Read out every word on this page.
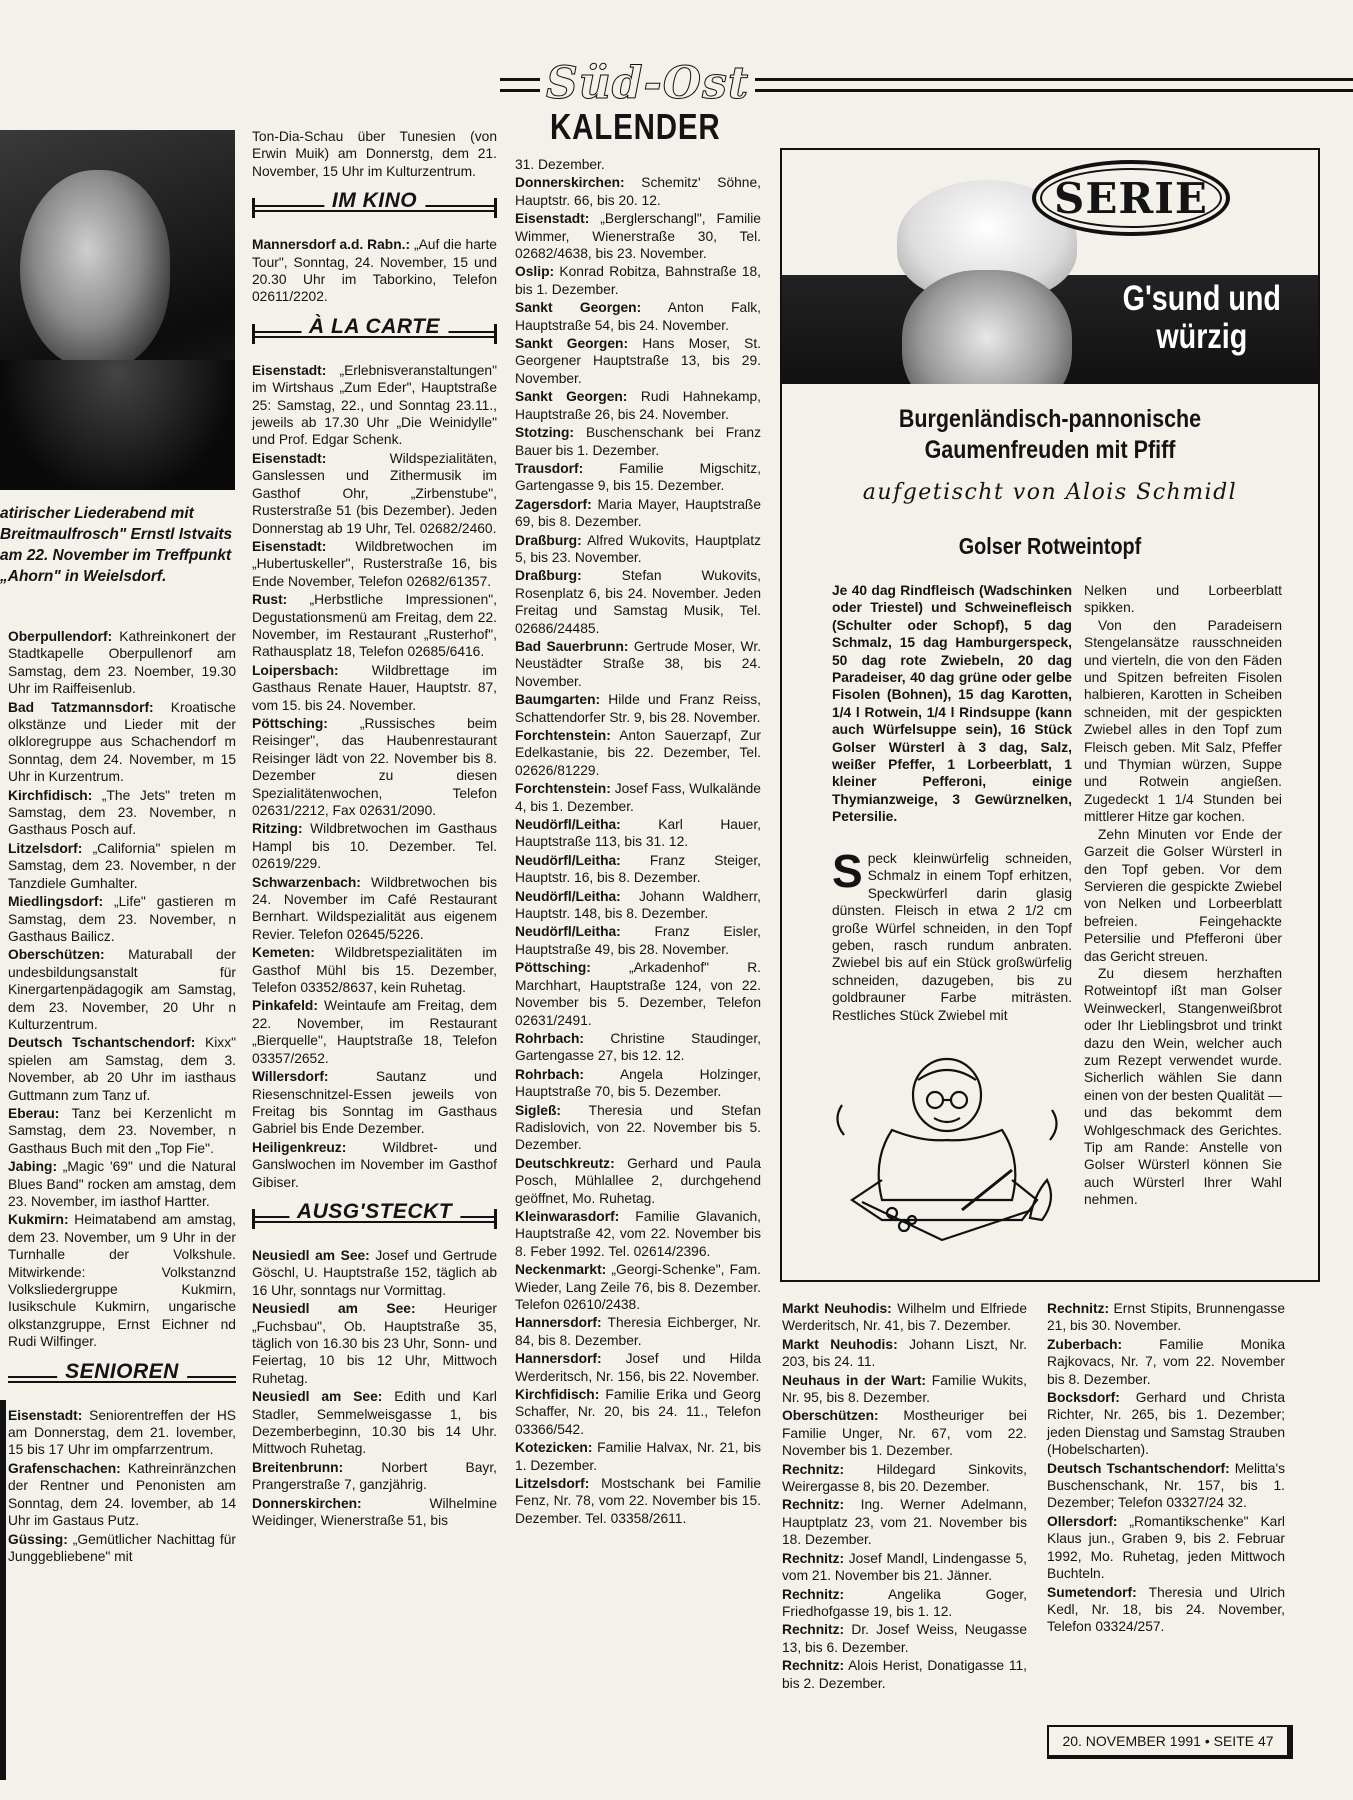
Süd-Ost
KALENDER
atirischer Liederabend mit Breitmaulfrosch" Ernstl Istvaits am 22. November im Treffpunkt „Ahorn" in Weielsdorf.

Oberpullendorf: Kathreinkonert der Stadtkapelle Oberpullenorf am Samstag, dem 23. Noember, 19.30 Uhr im Raiffeisenlub.

Bad Tatzmannsdorf: Kroatische olkstänze und Lieder mit der olkloregruppe aus Schachendorf m Sonntag, dem 24. November, m 15 Uhr in Kurzentrum.

Kirchfidisch: „The Jets" treten m Samstag, dem 23. November, n Gasthaus Posch auf.

Litzelsdorf: „California" spielen m Samstag, dem 23. November, n der Tanzdiele Gumhalter.

Miedlingsdorf: „Life" gastieren m Samstag, dem 23. November, n Gasthaus Bailicz.

Oberschützen: Maturaball der undesbildungsanstalt für Kinergartenpädagogik am Samstag, dem 23. November, 20 Uhr n Kulturzentrum.

Deutsch Tschantschendorf: Kixx" spielen am Samstag, dem 3. November, ab 20 Uhr im iasthaus Guttmann zum Tanz uf.

Eberau: Tanz bei Kerzenlicht m Samstag, dem 23. November, n Gasthaus Buch mit den „Top Fie".

Jabing: „Magic '69" und die Natural Blues Band" rocken am amstag, dem 23. November, im iasthof Hartter.

Kukmirn: Heimatabend am amstag, dem 23. November, um 9 Uhr in der Turnhalle der Volkshule. Mitwirkende: Volkstanznd Volksliedergruppe Kukmirn, Iusikschule Kukmirn, ungarische olkstanzgruppe, Ernst Eichner nd Rudi Wilfinger.

SENIOREN

Eisenstadt: Seniorentreffen der HS am Donnerstag, dem 21. lovember, 15 bis 17 Uhr im ompfarrzentrum.

Grafenschachen: Kathreinränzchen der Rentner und Penonisten am Sonntag, dem 24. lovember, ab 14 Uhr im Gastaus Putz.

Güssing: „Gemütlicher Nachittag für Junggebliebene" mit

Ton-Dia-Schau über Tunesien (von Erwin Muik) am Donnerstg, dem 21. November, 15 Uhr im Kulturzentrum.

IM KINO

Mannersdorf a.d. Rabn.: „Auf die harte Tour", Sonntag, 24. November, 15 und 20.30 Uhr im Taborkino, Telefon 02611/2202.

À LA CARTE

Eisenstadt: „Erlebnisveranstaltungen" im Wirtshaus „Zum Eder", Hauptstraße 25: Samstag, 22., und Sonntag 23.11., jeweils ab 17.30 Uhr „Die Weinidylle" und Prof. Edgar Schenk.

Eisenstadt: Wildspezialitäten, Ganslessen und Zithermusik im Gasthof Ohr, „Zirbenstube", Rusterstraße 51 (bis Dezember). Jeden Donnerstag ab 19 Uhr, Tel. 02682/2460.

Eisenstadt: Wildbretwochen im „Hubertuskeller", Rusterstraße 16, bis Ende November, Telefon 02682/61357.

Rust: „Herbstliche Impressionen", Degustationsmenü am Freitag, dem 22. November, im Restaurant „Rusterhof", Rathausplatz 18, Telefon 02685/6416.

Loipersbach: Wildbrettage im Gasthaus Renate Hauer, Hauptstr. 87, vom 15. bis 24. November.

Pöttsching: „Russisches beim Reisinger", das Haubenrestaurant Reisinger lädt von 22. November bis 8. Dezember zu diesen Spezialitätenwochen, Telefon 02631/2212, Fax 02631/2090.

Ritzing: Wildbretwochen im Gasthaus Hampl bis 10. Dezember. Tel. 02619/229.

Schwarzenbach: Wildbretwochen bis 24. November im Café Restaurant Bernhart. Wildspezialität aus eigenem Revier. Telefon 02645/5226.

Kemeten: Wildbretspezialitäten im Gasthof Mühl bis 15. Dezember, Telefon 03352/8637, kein Ruhetag.

Pinkafeld: Weintaufe am Freitag, dem 22. November, im Restaurant „Bierquelle", Hauptstraße 18, Telefon 03357/2652.

Willersdorf: Sautanz und Riesenschnitzel-Essen jeweils von Freitag bis Sonntag im Gasthaus Gabriel bis Ende Dezember.

Heiligenkreuz: Wildbret- und Ganslwochen im November im Gasthof Gibiser.

AUSG'STECKT

Neusiedl am See: Josef und Gertrude Göschl, U. Hauptstraße 152, täglich ab 16 Uhr, sonntags nur Vormittag.

Neusiedl am See: Heuriger „Fuchsbau", Ob. Hauptstraße 35, täglich von 16.30 bis 23 Uhr, Sonn- und Feiertag, 10 bis 12 Uhr, Mittwoch Ruhetag.

Neusiedl am See: Edith und Karl Stadler, Semmelweisgasse 1, bis Dezemberbeginn, 10.30 bis 14 Uhr. Mittwoch Ruhetag.

Breitenbrunn: Norbert Bayr, Prangerstraße 7, ganzjährig.

Donnerskirchen: Wilhelmine Weidinger, Wienerstraße 51, bis

31. Dezember.

Donnerskirchen: Schemitz' Söhne, Hauptstr. 66, bis 20. 12.

Eisenstadt: „Berglerschangl", Familie Wimmer, Wienerstraße 30, Tel. 02682/4638, bis 23. November.

Oslip: Konrad Robitza, Bahnstraße 18, bis 1. Dezember.

Sankt Georgen: Anton Falk, Hauptstraße 54, bis 24. November.

Sankt Georgen: Hans Moser, St. Georgener Hauptstraße 13, bis 29. November.

Sankt Georgen: Rudi Hahnekamp, Hauptstraße 26, bis 24. November.

Stotzing: Buschenschank bei Franz Bauer bis 1. Dezember.

Trausdorf: Familie Migschitz, Gartengasse 9, bis 15. Dezember.

Zagersdorf: Maria Mayer, Hauptstraße 69, bis 8. Dezember.

Draßburg: Alfred Wukovits, Hauptplatz 5, bis 23. November.

Draßburg: Stefan Wukovits, Rosenplatz 6, bis 24. November. Jeden Freitag und Samstag Musik, Tel. 02686/24485.

Bad Sauerbrunn: Gertrude Moser, Wr. Neustädter Straße 38, bis 24. November.

Baumgarten: Hilde und Franz Reiss, Schattendorfer Str. 9, bis 28. November.

Forchtenstein: Anton Sauerzapf, Zur Edelkastanie, bis 22. Dezember, Tel. 02626/81229.

Forchtenstein: Josef Fass, Wulkalände 4, bis 1. Dezember.

Neudörfl/Leitha: Karl Hauer, Hauptstraße 113, bis 31. 12.

Neudörfl/Leitha: Franz Steiger, Hauptstr. 16, bis 8. Dezember.

Neudörfl/Leitha: Johann Waldherr, Hauptstr. 148, bis 8. Dezember.

Neudörfl/Leitha: Franz Eisler, Hauptstraße 49, bis 28. November.

Pöttsching: „Arkadenhof" R. Marchhart, Hauptstraße 124, von 22. November bis 5. Dezember, Telefon 02631/2491.

Rohrbach: Christine Staudinger, Gartengasse 27, bis 12. 12.

Rohrbach: Angela Holzinger, Hauptstraße 70, bis 5. Dezember.

Sigleß: Theresia und Stefan Radislovich, von 22. November bis 5. Dezember.

Deutschkreutz: Gerhard und Paula Posch, Mühlallee 2, durchgehend geöffnet, Mo. Ruhetag.

Kleinwarasdorf: Familie Glavanich, Hauptstraße 42, vom 22. November bis 8. Feber 1992. Tel. 02614/2396.

Neckenmarkt: „Georgi-Schenke", Fam. Wieder, Lang Zeile 76, bis 8. Dezember. Telefon 02610/2438.

Hannersdorf: Theresia Eichberger, Nr. 84, bis 8. Dezember.

Hannersdorf: Josef und Hilda Werderitsch, Nr. 156, bis 22. November.

Kirchfidisch: Familie Erika und Georg Schaffer, Nr. 20, bis 24. 11., Telefon 03366/542.

Kotezicken: Familie Halvax, Nr. 21, bis 1. Dezember.

Litzelsdorf: Mostschank bei Familie Fenz, Nr. 78, vom 22. November bis 15. Dezember. Tel. 03358/2611.

SERIE
G'sund und würzig
Burgenländisch-pannonische Gaumenfreuden mit Pfiff
aufgetischt von Alois Schmidl
Golser Rotweintopf
Je 40 dag Rindfleisch (Wadschinken oder Triestel) und Schweinefleisch (Schulter oder Schopf), 5 dag Schmalz, 15 dag Hamburgerspeck, 50 dag rote Zwiebeln, 20 dag Paradeiser, 40 dag grüne oder gelbe Fisolen (Bohnen), 15 dag Karotten, 1/4 l Rotwein, 1/4 l Rindsuppe (kann auch Würfelsuppe sein), 16 Stück Golser Würsterl à 3 dag, Salz, weißer Pfeffer, 1 Lorbeerblatt, 1 kleiner Pefferoni, einige Thymianzweige, 3 Gewürznelken, Petersilie.
Speck kleinwürfelig schneiden, Schmalz in einem Topf erhitzen, Speckwürferl darin glasig dünsten. Fleisch in etwa 2 1/2 cm große Würfel schneiden, in den Topf geben, rasch rundum anbraten. Zwiebel bis auf ein Stück großwürfelig schneiden, dazugeben, bis zu goldbrauner Farbe miträsten. Restliches Stück Zwiebel mit

Nelken und Lorbeerblatt spikken.

Von den Paradeisern Stengelansätze rausschneiden und vierteln, die von den Fäden und Spitzen befreiten Fisolen halbieren, Karotten in Scheiben schneiden, mit der gespickten Zwiebel alles in den Topf zum Fleisch geben. Mit Salz, Pfeffer und Thymian würzen, Suppe und Rotwein angießen. Zugedeckt 1 1/4 Stunden bei mittlerer Hitze gar kochen.

Zehn Minuten vor Ende der Garzeit die Golser Würsterl in den Topf geben. Vor dem Servieren die gespickte Zwiebel von Nelken und Lorbeerblatt befreien. Feingehackte Petersilie und Pfefferoni über das Gericht streuen.

Zu diesem herzhaften Rotweintopf ißt man Golser Weinweckerl, Stangenweißbrot oder Ihr Lieblingsbrot und trinkt dazu den Wein, welcher auch zum Rezept verwendet wurde. Sicherlich wählen Sie dann einen von der besten Qualität — und das bekommt dem Wohlgeschmack des Gerichtes. Tip am Rande: Anstelle von Golser Würsterl können Sie auch Würsterl Ihrer Wahl nehmen.

Markt Neuhodis: Wilhelm und Elfriede Werderitsch, Nr. 41, bis 7. Dezember.

Markt Neuhodis: Johann Liszt, Nr. 203, bis 24. 11.

Neuhaus in der Wart: Familie Wukits, Nr. 95, bis 8. Dezember.

Oberschützen: Mostheuriger bei Familie Unger, Nr. 67, vom 22. November bis 1. Dezember.

Rechnitz: Hildegard Sinkovits, Weirergasse 8, bis 20. Dezember.

Rechnitz: Ing. Werner Adelmann, Hauptplatz 23, vom 21. November bis 18. Dezember.

Rechnitz: Josef Mandl, Lindengasse 5, vom 21. November bis 21. Jänner.

Rechnitz: Angelika Goger, Friedhofgasse 19, bis 1. 12.

Rechnitz: Dr. Josef Weiss, Neugasse 13, bis 6. Dezember.

Rechnitz: Alois Herist, Donatigasse 11, bis 2. Dezember.

Rechnitz: Ernst Stipits, Brunnengasse 21, bis 30. November.

Zuberbach: Familie Monika Rajkovacs, Nr. 7, vom 22. November bis 8. Dezember.

Bocksdorf: Gerhard und Christa Richter, Nr. 265, bis 1. Dezember; jeden Dienstag und Samstag Strauben (Hobelscharten).

Deutsch Tschantschendorf: Melitta's Buschenschank, Nr. 157, bis 1. Dezember; Telefon 03327/24 32.

Ollersdorf: „Romantikschenke" Karl Klaus jun., Graben 9, bis 2. Februar 1992, Mo. Ruhetag, jeden Mittwoch Buchteln.

Sumetendorf: Theresia und Ulrich Kedl, Nr. 18, bis 24. November, Telefon 03324/257.

20. NOVEMBER 1991 • SEITE 47
